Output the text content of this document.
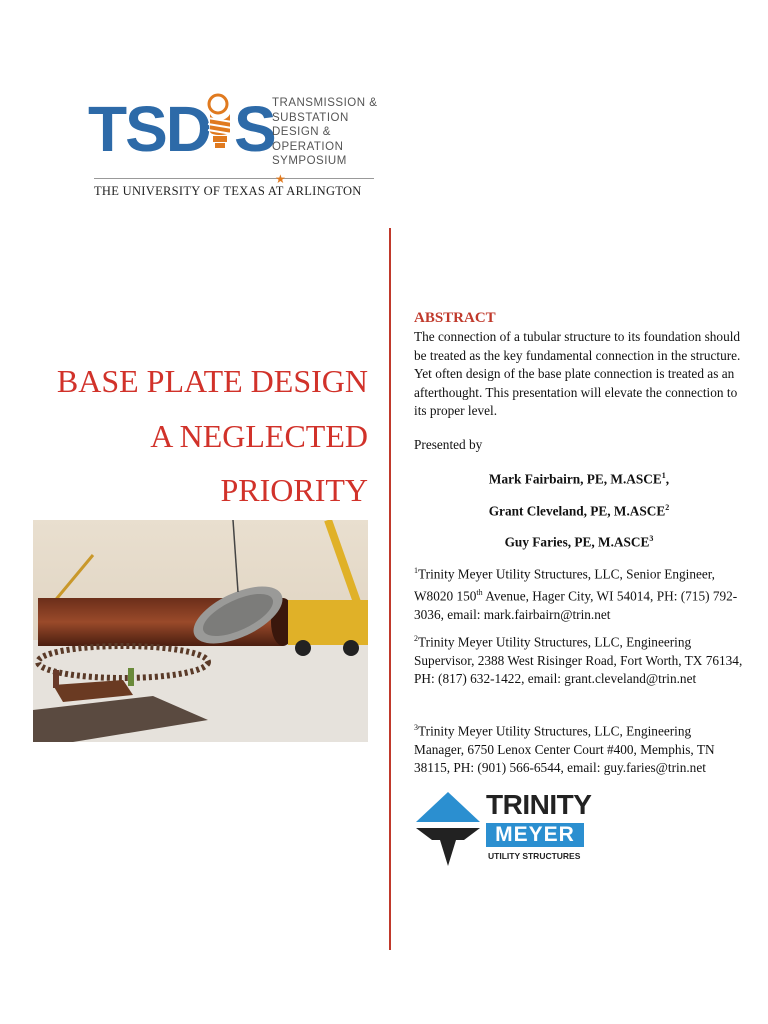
TSD S
TRANSMISSION &
SUBSTATION
DESIGN &
OPERATION
SYMPOSIUM
★
THE UNIVERSITY OF TEXAS AT ARLINGTON
BASE PLATE DESIGN
A NEGLECTED
PRIORITY
ABSTRACT
The connection of a tubular structure to its foundation should be treated as the key fundamental connection in the structure. Yet often design of the base plate connection is treated as an afterthought. This presentation will elevate the connection to its proper level.
Presented by
Mark Fairbairn, PE, M.ASCE$^1$,
Grant Cleveland, PE, M.ASCE$^2$
Guy Faries, PE, M.ASCE$^3$
$^1$Trinity Meyer Utility Structures, LLC, Senior Engineer, W8020 150th Avenue, Hager City, WI 54014, PH: (715) 792-3036, email: mark.fairbairn@trin.net
$^2$Trinity Meyer Utility Structures, LLC, Engineering Supervisor, 2388 West Risinger Road, Fort Worth, TX 76134, PH: (817) 632-1422, email: grant.cleveland@trin.net
$^3$Trinity Meyer Utility Structures, LLC, Engineering Manager, 6750 Lenox Center Court #400, Memphis, TN 38115, PH: (901) 566-6544, email: guy.faries@trin.net
TRINITY
MEYER
UTILITY STRUCTURES
